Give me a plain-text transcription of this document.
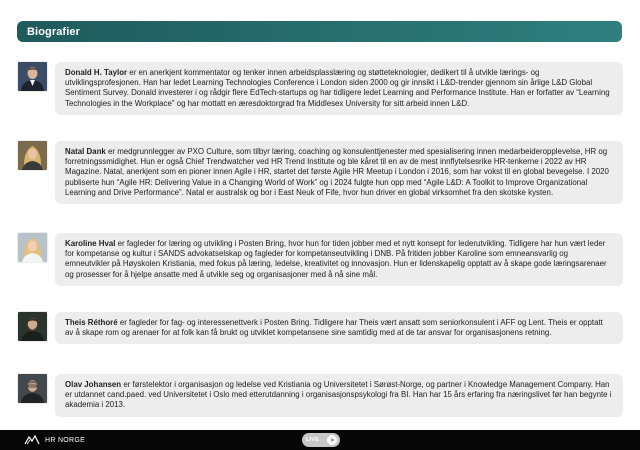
Biografier
Donald H. Taylor er en anerkjent kommentator og tenker innen arbeidsplasslæring og støtteteknologier, dedikert til å utvikle lærings- og utviklingsprofesjonen. Han har ledet Learning Technologies Conference i London siden 2000 og gir innsikt i L&D-trender gjennom sin årlige L&D Global Sentiment Survey. Donald investerer i og rådgir flere EdTech-startups og har tidligere ledet Learning and Performance Institute. Han er forfatter av “Learning Technologies in the Workplace” og har mottatt en æresdoktorgrad fra Middlesex University for sitt arbeid innen L&D.
Natal Dank er medgrunnlegger av PXO Culture, som tilbyr læring, coaching og konsulenttjenester med spesialisering innen medarbeideropplevelse, HR og forretningssmidighet. Hun er også Chief Trendwatcher ved HR Trend Institute og ble kåret til en av de mest innflytelsesrike HR-tenkerne i 2022 av HR Magazine. Natal, anerkjent som en pioner innen Agile i HR, startet det første Agile HR Meetup i London i 2016, som har vokst til en global bevegelse. I 2020 publiserte hun “Agile HR: Delivering Value in a Changing World of Work” og i 2024 fulgte hun opp med “Agile L&D: A Toolkit to Improve Organizational Learning and Drive Performance”. Natal er australsk og bor i East Neuk of Fife, hvor hun driver en global virksomhet fra den skotske kysten.
Karoline Hval er fagleder for læring og utvikling i Posten Bring, hvor hun for tiden jobber med et nytt konsept for lederutvikling. Tidligere har hun vært leder for kompetanse og kultur i SANDS advokatselskap og fagleder for kompetanseutvikling i DNB. På fritiden jobber Karoline som emneansvarlig og emneutvikler på Høyskolen Kristiania, med fokus på læring, ledelse, kreativitet og innovasjon. Hun er lidenskapelig opptatt av å skape gode læringsarenaer og prosesser for å hjelpe ansatte med å utvikle seg og organisasjoner med å nå sine mål.
Theis Réthoré er fagleder for fag- og interessenettverk i Posten Bring. Tidligere har Theis vært ansatt som seniorkonsulent i AFF og Lent. Theis er opptatt av å skape rom og arenaer for at folk kan få brukt og utviklet kompetansene sine samtidig med at de tar ansvar for organisasjonens retning.
Olav Johansen er førstelektor i organisasjon og ledelse ved Kristiania og Universitetet i Sørøst-Norge, og partner i Knowledge Management Company. Han er utdannet cand.paed. ved Universitetet i Oslo med etterutdanning i organisasjonspsykologi fra BI. Han har 15 års erfaring fra næringslivet før han begynte i akademia i 2013.
HR NORGE	LIVE
